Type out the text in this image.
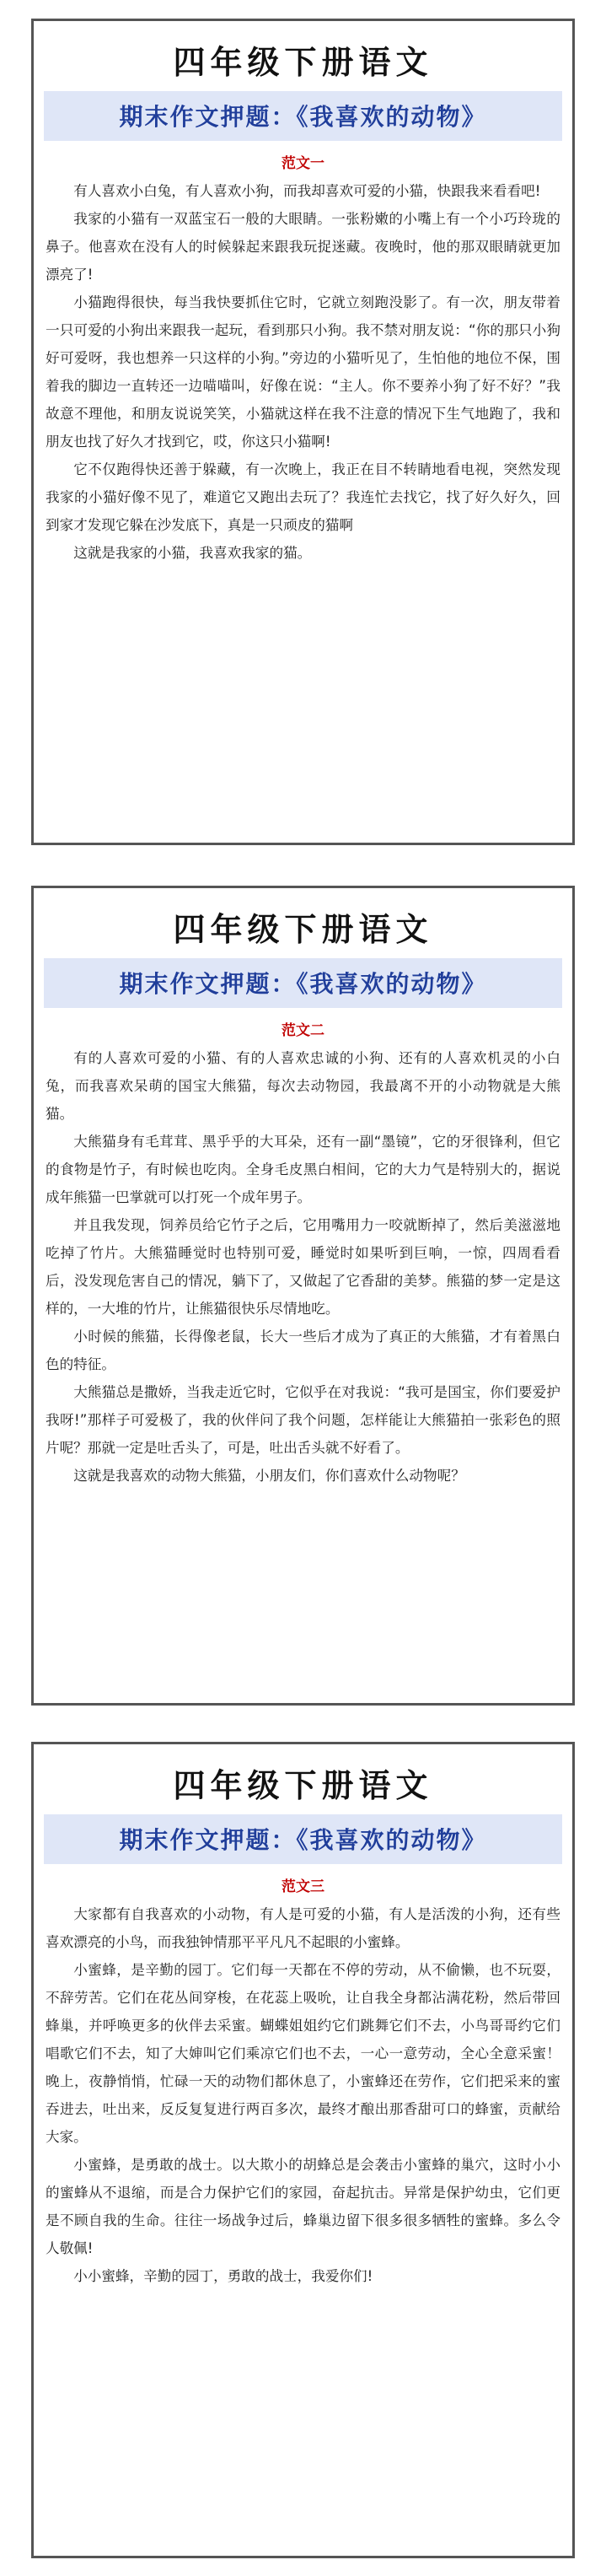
四年级下册语文
期末作文押题：《我喜欢的动物》
范文一

有人喜欢小白兔，有人喜欢小狗，而我却喜欢可爱的小猫，快跟我来看看吧!

我家的小猫有一双蓝宝石一般的大眼睛。一张粉嫩的小嘴上有一个小巧玲珑的鼻子。他喜欢在没有人的时候躲起来跟我玩捉迷藏。夜晚时，他的那双眼睛就更加漂亮了!

小猫跑得很快，每当我快要抓住它时，它就立刻跑没影了。有一次，朋友带着一只可爱的小狗出来跟我一起玩，看到那只小狗。我不禁对朋友说：“你的那只小狗好可爱呀，我也想养一只这样的小狗。”旁边的小猫听见了，生怕他的地位不保，围着我的脚边一直转还一边喵喵叫，好像在说：“主人。你不要养小狗了好不好？”我故意不理他，和朋友说说笑笑，小猫就这样在我不注意的情况下生气地跑了，我和朋友也找了好久才找到它，哎，你这只小猫啊!

它不仅跑得快还善于躲藏，有一次晚上，我正在目不转睛地看电视，突然发现我家的小猫好像不见了，难道它又跑出去玩了？我连忙去找它，找了好久好久，回到家才发现它躲在沙发底下，真是一只顽皮的猫啊

这就是我家的小猫，我喜欢我家的猫。

四年级下册语文
期末作文押题：《我喜欢的动物》
范文二

有的人喜欢可爱的小猫、有的人喜欢忠诚的小狗、还有的人喜欢机灵的小白兔，而我喜欢呆萌的国宝大熊猫，每次去动物园，我最离不开的小动物就是大熊猫。

大熊猫身有毛茸茸、黑乎乎的大耳朵，还有一副“墨镜”，它的牙很锋利，但它的食物是竹子，有时候也吃肉。全身毛皮黑白相间，它的大力气是特别大的，据说成年熊猫一巴掌就可以打死一个成年男子。

并且我发现，饲养员给它竹子之后，它用嘴用力一咬就断掉了，然后美滋滋地吃掉了竹片。大熊猫睡觉时也特别可爱，睡觉时如果听到巨响，一惊，四周看看后，没发现危害自己的情况，躺下了，又做起了它香甜的美梦。熊猫的梦一定是这样的，一大堆的竹片，让熊猫很快乐尽情地吃。

小时候的熊猫，长得像老鼠，长大一些后才成为了真正的大熊猫，才有着黑白色的特征。

大熊猫总是撒娇，当我走近它时，它似乎在对我说：“我可是国宝，你们要爱护我呀!”那样子可爱极了，我的伙伴问了我个问题，怎样能让大熊猫拍一张彩色的照片呢？那就一定是吐舌头了，可是，吐出舌头就不好看了。

这就是我喜欢的动物大熊猫，小朋友们，你们喜欢什么动物呢？

四年级下册语文
期末作文押题：《我喜欢的动物》
范文三

大家都有自我喜欢的小动物，有人是可爱的小猫，有人是活泼的小狗，还有些喜欢漂亮的小鸟，而我独钟情那平平凡凡不起眼的小蜜蜂。

小蜜蜂，是辛勤的园丁。它们每一天都在不停的劳动，从不偷懒，也不玩耍，不辞劳苦。它们在花丛间穿梭，在花蕊上吸吮，让自我全身都沾满花粉，然后带回蜂巢，并呼唤更多的伙伴去采蜜。蝴蝶姐姐约它们跳舞它们不去，小鸟哥哥约它们唱歌它们不去，知了大婶叫它们乘凉它们也不去，一心一意劳动，全心全意采蜜！晚上，夜静悄悄，忙碌一天的动物们都休息了，小蜜蜂还在劳作，它们把采来的蜜吞进去，吐出来，反反复复进行两百多次，最终才酿出那香甜可口的蜂蜜，贡献给大家。

小蜜蜂，是勇敢的战士。以大欺小的胡蜂总是会袭击小蜜蜂的巢穴，这时小小的蜜蜂从不退缩，而是合力保护它们的家园，奋起抗击。异常是保护幼虫，它们更是不顾自我的生命。往往一场战争过后，蜂巢边留下很多很多牺牲的蜜蜂。多么令人敬佩!

小小蜜蜂，辛勤的园丁，勇敢的战士，我爱你们!
